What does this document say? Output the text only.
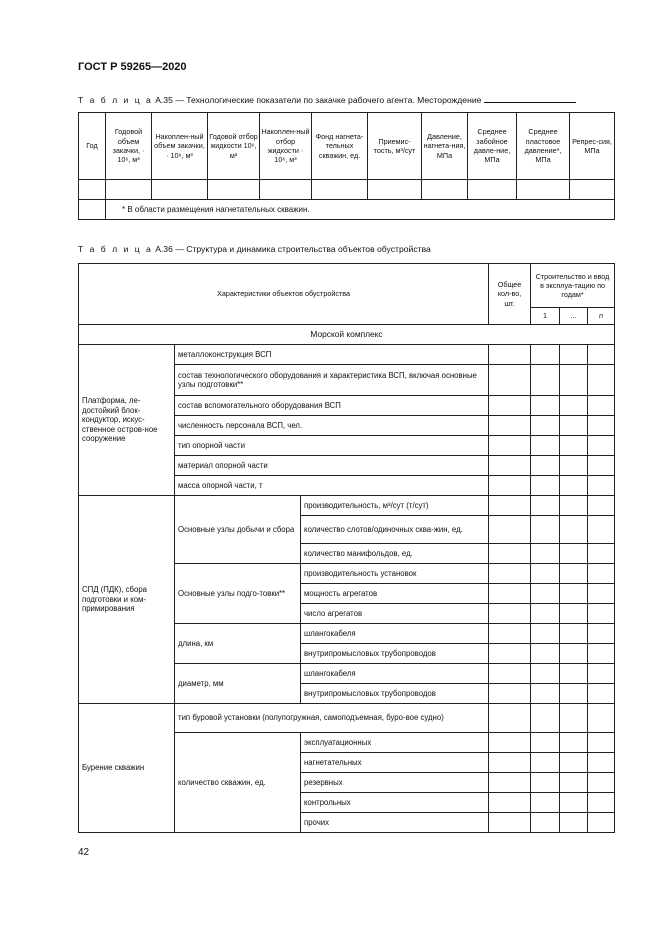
ГОСТ Р 59265—2020
Т а б л и ц а А.35 — Технологические показатели по закачке рабочего агента. Месторождение
Год	Годовой объем закачки, · 10⁶, м³	Накоплен-ный объем закачки, · 10⁶, м³	Годовой отбор жидкости 10⁶, м³	Накоплен-ный отбор жидкости · 10⁶, м³	Фонд нагнета-тельных скважин, ед.	Приемис-тость, м³/сут	Давление, нагнета-ния, МПа	Среднее забойное давле-ние, МПа	Среднее пластовое давление*, МПа	Репрес-сия, МПа

	* В области размещения нагнетательных скважин.									
Т а б л и ц а А.36 — Структура и динамика строительства объектов обустройства
Характеристики объектов обустройства			Общее кол-во, шт.	Строительство и ввод в эксплуа-тацию по годам*		
				1	...	n
Морской комплекс						
Платформа, ле-достойкий блок-кондуктор, искус-ственное остров-ное сооружение	металлоконструкция ВСП					
	состав технологического оборудования и характеристика ВСП, включая основные узлы подготовки**					
	состав вспомогательного оборудования ВСП					
	численность персонала ВСП, чел.					
	тип опорной части					
	материал опорной части					
	масса опорной части, т					
СПД (ПДК), сбора подготовки и ком-примирования	Основные узлы добычи и сбора	производительность, м³/сут (т/сут)				
		количество слотов/одиночных сква-жин, ед.				
		количество манифольдов, ед.				
	Основные узлы подго-товки**	производительность установок				
		мощность агрегатов				
		число агрегатов				
	длина, км	шлангокабеля				
		внутрипромысловых трубопроводов				
	диаметр, мм	шлангокабеля				
		внутрипромысловых трубопроводов				
Бурение скважин	тип буровой установки (полупогружная, самоподъемная, буро-вое судно)					
	количество скважин, ед.	эксплуатационных				
		нагнетательных				
		резервных				
		контрольных				
		прочих				
42
